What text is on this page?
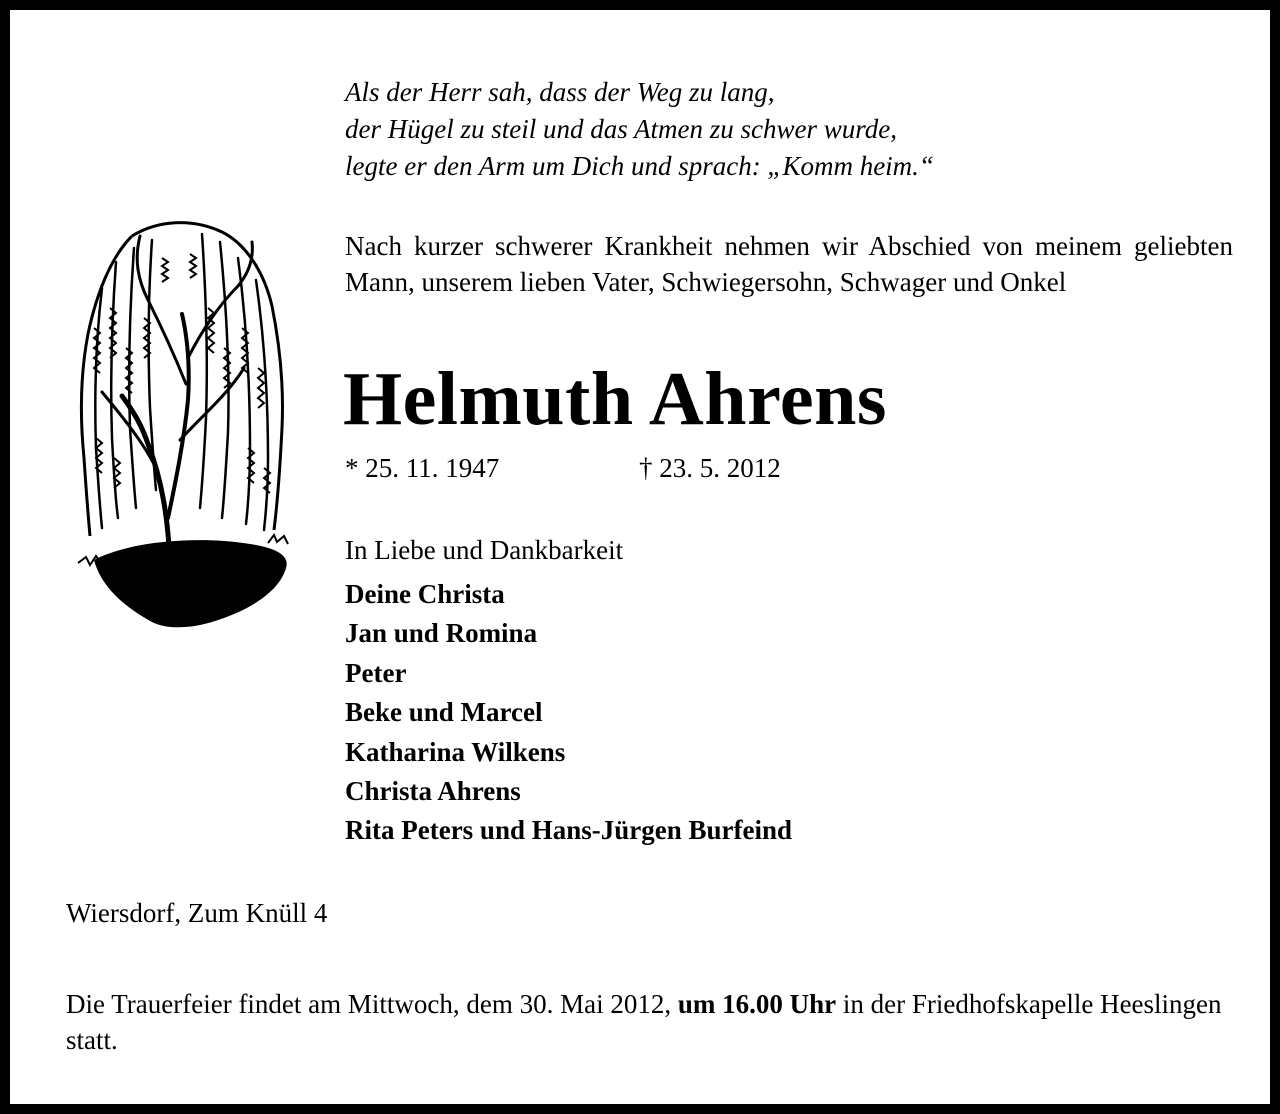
Als der Herr sah, dass der Weg zu lang,
der Hügel zu steil und das Atmen zu schwer wurde,
legte er den Arm um Dich und sprach: „Komm heim.“
Nach kurzer schwerer Krankheit nehmen wir Abschied von meinem geliebten Mann, unserem lieben Vater, Schwiegersohn, Schwager und Onkel
Helmuth Ahrens
* 25. 11. 1947	† 23. 5. 2012
In Liebe und Dankbarkeit
Deine Christa
Jan und Romina
Peter
Beke und Marcel
Katharina Wilkens
Christa Ahrens
Rita Peters und Hans-Jürgen Burfeind
Wiersdorf, Zum Knüll 4
Die Trauerfeier findet am Mittwoch, dem 30. Mai 2012, um 16.00 Uhr in der Friedhofskapelle Heeslingen statt.
